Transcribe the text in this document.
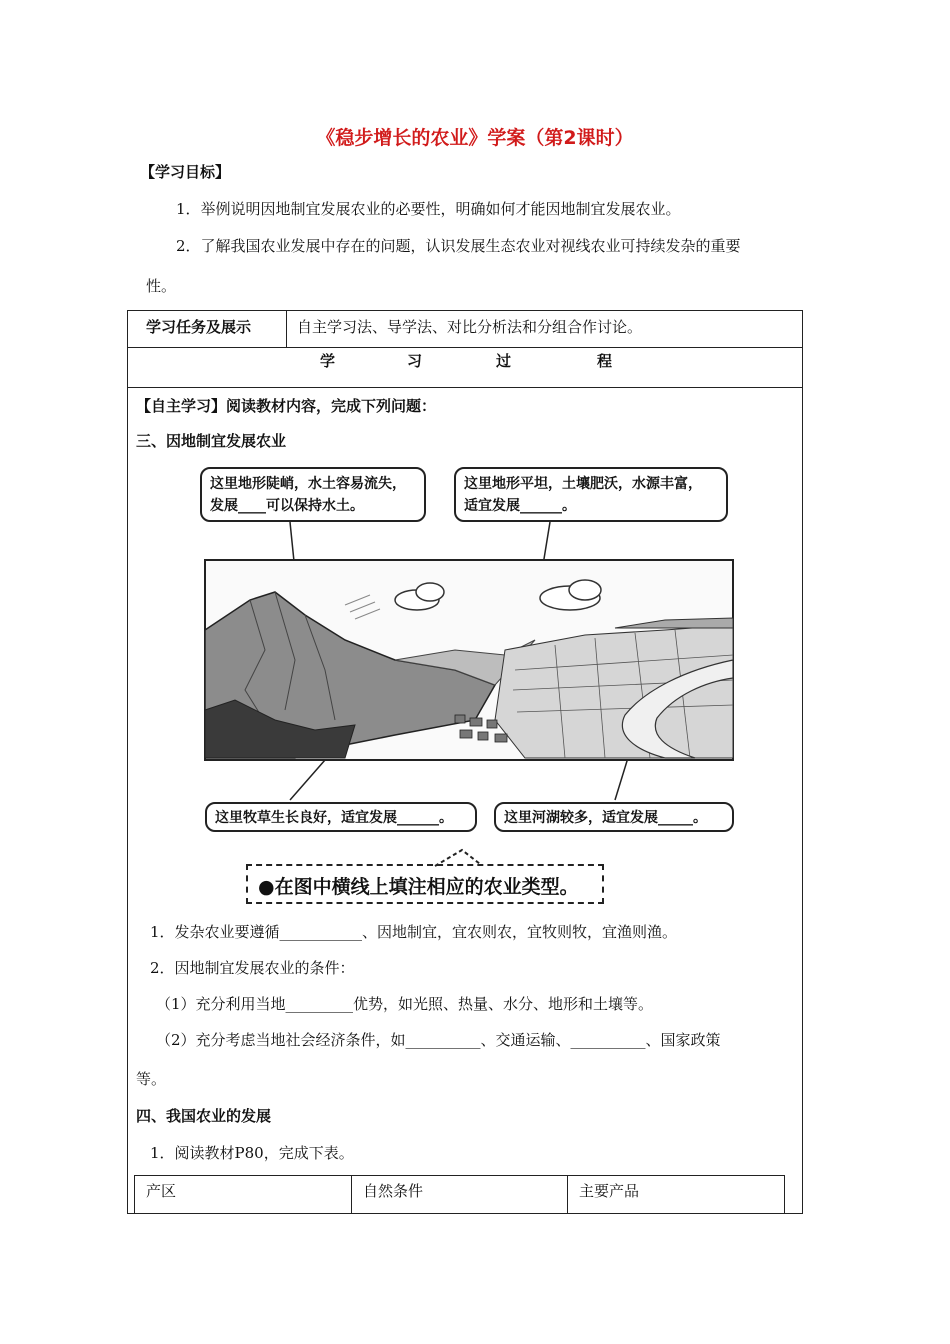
《稳步增长的农业》学案（第2课时）
【学习目标】
1．举例说明因地制宜发展农业的必要性，明确如何才能因地制宜发展农业。
2．了解我国农业发展中存在的问题，认识发展生态农业对视线农业可持续发杂的重要
性。
学习任务及展示	自主学习法、导学法、对比分析法和分组合作讨论。
学	习	过	程
【自主学习】阅读教材内容，完成下列问题：
三、因地制宜发展农业
这里地形陡峭，水土容易流失，
发展____可以保持水土。
这里地形平坦，土壤肥沃，水源丰富，
适宜发展______。
这里牧草生长良好，适宜发展______。	这里河湖较多，适宜发展_____。
●在图中横线上填注相应的农业类型。
1．发杂农业要遵循___________、因地制宜，宜农则农，宜牧则牧，宜渔则渔。
2．因地制宜发展农业的条件：
（1）充分利用当地_________优势，如光照、热量、水分、地形和土壤等。
（2）充分考虑当地社会经济条件，如__________、交通运输、__________、国家政策
等。
四、我国农业的发展
1．阅读教材P80，完成下表。
产区	自然条件	主要产品
